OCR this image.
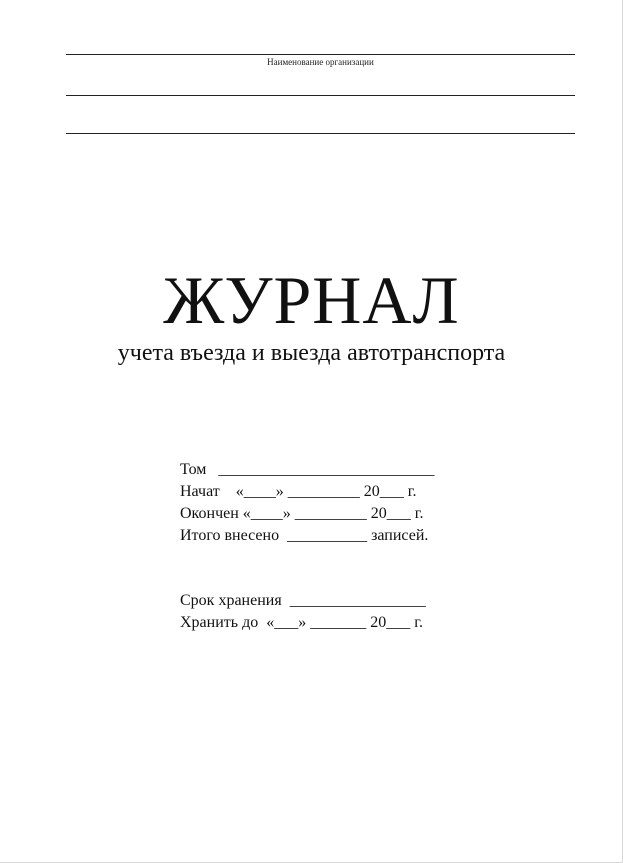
Наименование организации
ЖУРНАЛ
учета въезда и выезда автотранспорта
Том   ___________________________
Начат    «____» _________ 20___ г.
Окончен «____» _________ 20___ г.
Итого внесено  __________ записей.
Срок хранения  _________________
Хранить до  «___» _______ 20___ г.
